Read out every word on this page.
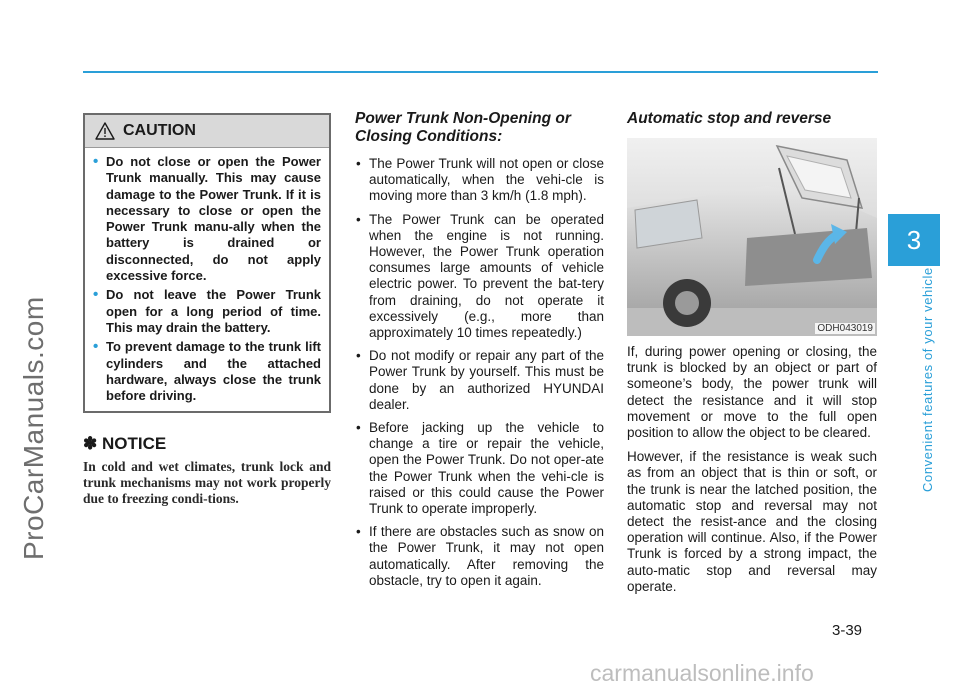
ProCarManuals.com
3
Convenient features of your vehicle
CAUTION
• Do not close or open the Power Trunk manually. This may cause damage to the Power Trunk. If it is necessary to close or open the Power Trunk manu-ally when the battery is drained or disconnected, do not apply excessive force.
• Do not leave the Power Trunk open for a long period of time. This may drain the battery.
• To prevent damage to the trunk lift cylinders and the attached hardware, always close the trunk before driving.
✽ NOTICE
In cold and wet climates, trunk lock and trunk mechanisms may not work properly due to freezing condi-tions.
Power Trunk Non-Opening or Closing Conditions:
• The Power Trunk will not open or close automatically, when the vehi-cle is moving more than 3 km/h (1.8 mph).
• The Power Trunk can be operated when the engine is not running. However, the Power Trunk operation consumes large amounts of vehicle electric power. To prevent the bat-tery from draining, do not operate it excessively (e.g., more than approximately 10 times repeatedly.)
• Do not modify or repair any part of the Power Trunk by yourself. This must be done by an authorized HYUNDAI dealer.
• Before jacking up the vehicle to change a tire or repair the vehicle, open the Power Trunk. Do not oper-ate the Power Trunk when the vehi-cle is raised or this could cause the Power Trunk to operate improperly.
• If there are obstacles such as snow on the Power Trunk, it may not open automatically. After removing the obstacle, try to open it again.
Automatic stop and reverse
ODH043019

If, during power opening or closing, the trunk is blocked by an object or part of someone’s body, the power trunk will detect the resistance and it will stop movement or move to the full open position to allow the object to be cleared.

However, if the resistance is weak such as from an object that is thin or soft, or the trunk is near the latched position, the automatic stop and reversal may not detect the resist-ance and the closing operation will continue. Also, if the Power Trunk is forced by a strong impact, the auto-matic stop and reversal may operate.

3-39
carmanualsonline.info
